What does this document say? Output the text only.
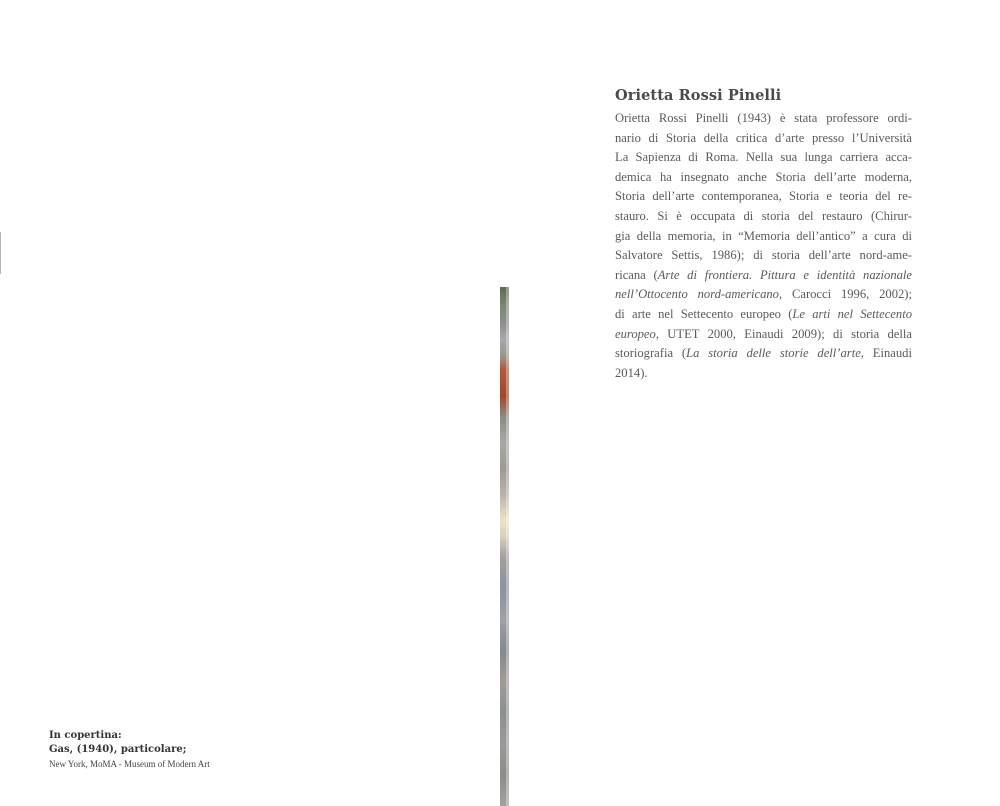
Orietta Rossi Pinelli

Orietta Rossi Pinelli (1943) è stata professore ordi-
nario di Storia della critica d’arte presso l’Università
La Sapienza di Roma. Nella sua lunga carriera acca-
demica ha insegnato anche Storia dell’arte moderna,
Storia dell’arte contemporanea, Storia e teoria del re-
stauro. Si è occupata di storia del restauro (Chirur-
gia della memoria, in “Memoria dell’antico” a cura di
Salvatore Settis, 1986); di storia dell’arte nord-ame-
ricana (Arte di frontiera. Pittura e identità nazionale
nell’Ottocento nord-americano, Carocci 1996, 2002);
di arte nel Settecento europeo (Le arti nel Settecento
europeo, UTET 2000, Einaudi 2009); di storia della
storiografia (La storia delle storie dell’arte, Einaudi
2014).

In copertina:
Gas, (1940), particolare;
New York, MoMA - Museum of Modern Art
